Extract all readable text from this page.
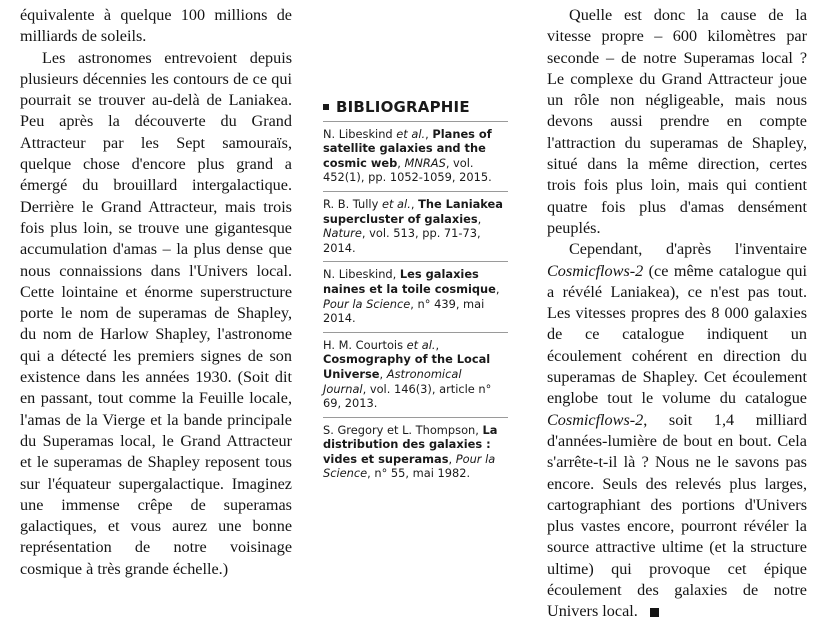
équivalente à quelque 100 millions de milliards de soleils.

Les astronomes entrevoient depuis plusieurs décennies les contours de ce qui pourrait se trouver au-delà de Laniakea. Peu après la découverte du Grand Attracteur par les Sept samouraïs, quelque chose d'encore plus grand a émergé du brouillard intergalactique. Derrière le Grand Attracteur, mais trois fois plus loin, se trouve une gigantesque accumulation d'amas – la plus dense que nous connaissions dans l'Univers local. Cette lointaine et énorme superstructure porte le nom de superamas de Shapley, du nom de Harlow Shapley, l'astronome qui a détecté les premiers signes de son existence dans les années 1930. (Soit dit en passant, tout comme la Feuille locale, l'amas de la Vierge et la bande principale du Superamas local, le Grand Attracteur et le superamas de Shapley reposent tous sur l'équateur supergalactique. Imaginez une immense crêpe de superamas galactiques, et vous aurez une bonne représentation de notre voisinage cosmique à très grande échelle.)

BIBLIOGRAPHIE
N. Libeskind et al., Planes of satellite galaxies and the cosmic web, MNRAS, vol. 452(1), pp. 1052-1059, 2015.
R. B. Tully et al., The Laniakea supercluster of galaxies, Nature, vol. 513, pp. 71-73, 2014.
N. Libeskind, Les galaxies naines et la toile cosmique, Pour la Science, n° 439, mai 2014.
H. M. Courtois et al., Cosmography of the Local Universe, Astronomical Journal, vol. 146(3), article n° 69, 2013.
S. Gregory et L. Thompson, La distribution des galaxies : vides et superamas, Pour la Science, n° 55, mai 1982.

Quelle est donc la cause de la vitesse propre – 600 kilomètres par seconde – de notre Superamas local ? Le complexe du Grand Attracteur joue un rôle non négligeable, mais nous devons aussi prendre en compte l'attraction du superamas de Shapley, situé dans la même direction, certes trois fois plus loin, mais qui contient quatre fois plus d'amas densément peuplés.

Cependant, d'après l'inventaire Cosmicflows-2 (ce même catalogue qui a révélé Laniakea), ce n'est pas tout. Les vitesses propres des 8 000 galaxies de ce catalogue indiquent un écoulement cohérent en direction du superamas de Shapley. Cet écoulement englobe tout le volume du catalogue Cosmicflows-2, soit 1,4 milliard d'années-lumière de bout en bout. Cela s'arrête-t-il là ? Nous ne le savons pas encore. Seuls des relevés plus larges, cartographiant des portions d'Univers plus vastes encore, pourront révéler la source attractive ultime (et la structure ultime) qui provoque cet épique écoulement des galaxies de notre Univers local.
